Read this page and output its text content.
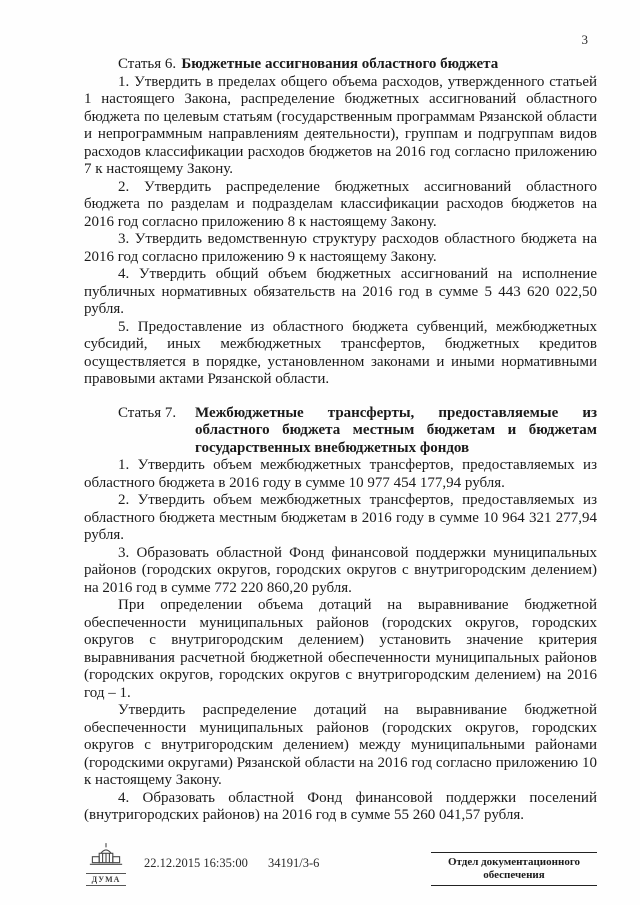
3

Статья 6. Бюджетные ассигнования областного бюджета

1. Утвердить в пределах общего объема расходов, утвержденного статьей 1 настоящего Закона, распределение бюджетных ассигнований областного бюджета по целевым статьям (государственным программам Рязанской области и непрограммным направлениям деятельности), группам и подгруппам видов расходов классификации расходов бюджетов на 2016 год согласно приложению 7 к настоящему Закону.

2. Утвердить распределение бюджетных ассигнований областного бюджета по разделам и подразделам классификации расходов бюджетов на 2016 год согласно приложению 8 к настоящему Закону.

3. Утвердить ведомственную структуру расходов областного бюджета на 2016 год согласно приложению 9 к настоящему Закону.

4. Утвердить общий объем бюджетных ассигнований на исполнение публичных нормативных обязательств на 2016 год в сумме 5 443 620 022,50 рубля.

5. Предоставление из областного бюджета субвенций, межбюджетных субсидий, иных межбюджетных трансфертов, бюджетных кредитов осуществляется в порядке, установленном законами и иными нормативными правовыми актами Рязанской области.

Статья 7.	Межбюджетные трансферты, предоставляемые из
областного бюджета местным бюджетам и бюджетам
государственных внебюджетных фондов

1. Утвердить объем межбюджетных трансфертов, предоставляемых из областного бюджета в 2016 году в сумме 10 977 454 177,94 рубля.

2. Утвердить объем межбюджетных трансфертов, предоставляемых из областного бюджета местным бюджетам в 2016 году в сумме 10 964 321 277,94 рубля.

3. Образовать областной Фонд финансовой поддержки муниципальных районов (городских округов, городских округов с внутригородским делением) на 2016 год в сумме 772 220 860,20 рубля.

При определении объема дотаций на выравнивание бюджетной обеспеченности муниципальных районов (городских округов, городских округов с внутригородским делением) установить значение критерия выравнивания расчетной бюджетной обеспеченности муниципальных районов (городских округов, городских округов с внутригородским делением) на 2016 год – 1.

Утвердить распределение дотаций на выравнивание бюджетной обеспеченности муниципальных районов (городских округов, городских округов с внутригородским делением) между муниципальными районами (городскими округами) Рязанской области на 2016 год согласно приложению 10 к настоящему Закону.

4. Образовать областной Фонд финансовой поддержки поселений (внутригородских районов) на 2016 год в сумме 55 260 041,57 рубля.

ДУМА
22.12.2015 16:35:00 34191/3-6	Отдел документационного обеспечения
